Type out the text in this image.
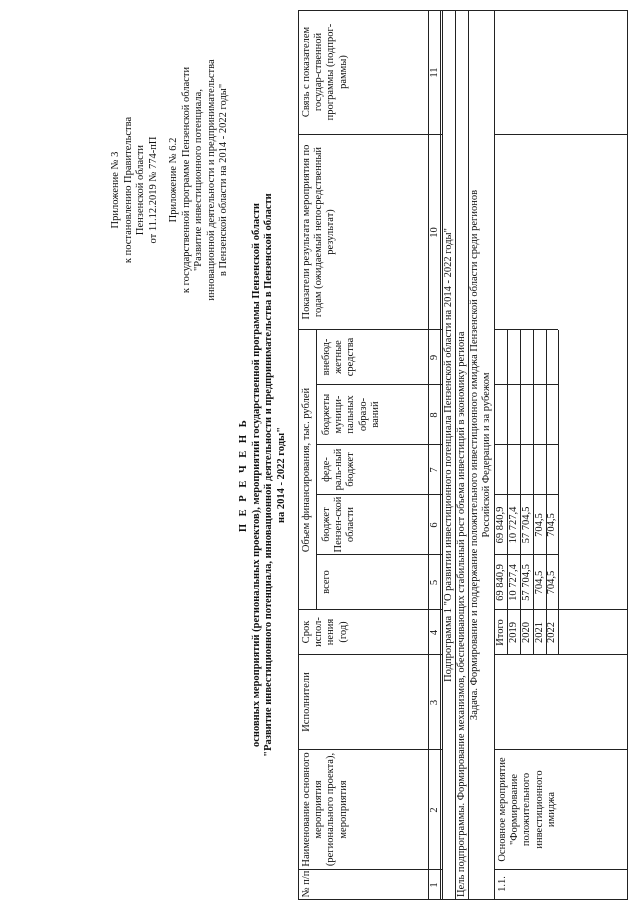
Приложение № 3 к постановлению Правительства Пензенской области от 11.12.2019 № 774-пП Приложение № 6.2 к государственной программе Пензенской области "Развитие инвестиционного потенциала, инновационной деятельности и предпринимательства в Пензенской области на 2014 - 2022 годы"
П Е Р Е Ч Е Н Ь основных мероприятий (региональных проектов), мероприятий государственной программы Пензенской области "Развитие инвестиционного потенциала, инновационной деятельности и предпринимательства в Пензенской области на 2014 - 2022 годы"
№ п/п
Наименование основного мероприятия (регионального проекта), мероприятия
Исполнители
Срок испол-нения (год)
Объем финансирования, тыс. рублей
всего
бюджет Пензен-ской области
феде-раль-ный бюджет
бюджеты муници-пальных образо-ваний
внебюд-жетные средства
Показатели результата мероприятия по годам (ожидаемый непосредственный результат)
Связь с показателем государ-ственной программы (подпрог-раммы)
1
2
3
4
5
6
7
8
9
10
11
Подпрограмма 1 "О развитии инвестиционного потенциала Пензенской области на 2014 - 2022 годы" Цель подпрограммы. Формирование механизмов, обеспечивающих стабильный рост объема инвестиций в экономику региона Задача. Формирование и поддержание положительного инвестиционного имиджа Пензенской области среди регионов Российской Федерации и за рубежом
1.1.
Основное мероприятие "Формирование положительного инвестиционного имиджа
Итого 2019 2020 2021 2022
69 840,9 10 727,4 57 704,5 704,5 704,5
69 840,9 10 727,4 57 704,5 704,5 704,5
